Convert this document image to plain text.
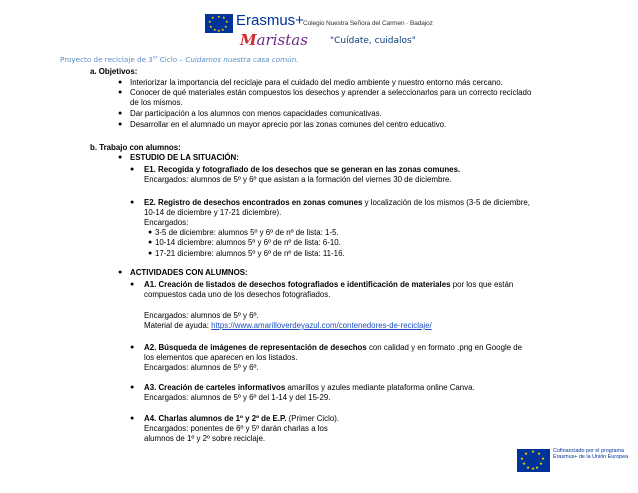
★ ★
★
★
★
★
★
★
★
★ Erasmus+ Colegio Nuestra Señora del Carmen · Badajoz
Maristas "Cuídate, cuidalos"
Proyecto de reciclaje de 3er Ciclo – Cuidamos nuestra casa común.
a. Objetivos:
● Interiorizar la importancia del reciclaje para el cuidado del medio ambiente y nuestro entorno más cercano.
● Conocer de qué materiales están compuestos los desechos y aprender a seleccionarlos para un correcto reciclado
de los mismos.
● Dar participación a los alumnos con menos capacidades comunicativas.
● Desarrollar en el alumnado un mayor aprecio por las zonas comunes del centro educativo.
b. Trabajo con alumnos:
● ESTUDIO DE LA SITUACIÓN:
● E1. Recogida y fotografiado de los desechos que se generan en las zonas comunes.
Encargados: alumnos de 5º y 6º que asistan a la formación del viernes 30 de diciembre.
● E2. Registro de desechos encontrados en zonas comunes y localización de los mismos (3-5 de diciembre,
10-14 de diciembre y 17-21 diciembre).
Encargados:
● 3-5 de diciembre: alumnos 5º y 6º de nº de lista: 1-5.
● 10-14 diciembre: alumnos 5º y 6º de nº de lista: 6-10.
● 17-21 diciembre: alumnos 5º y 6º de nº de lista: 11-16.
● ACTIVIDADES CON ALUMNOS:
● A1. Creación de listados de desechos fotografiados e identificación de materiales por los que están
compuestos cada uno de los desechos fotografiados.
Encargados: alumnos de 5º y 6º.
Material de ayuda: https://www.amarilloverdeyazul.com/contenedores-de-reciclaje/
● A2. Búsqueda de imágenes de representación de desechos con calidad y en formato .png en Google de
los elementos que aparecen en los listados.
Encargados: alumnos de 5º y 6º.
● A3. Creación de carteles informativos amarillos y azules mediante plataforma online Canva.
Encargados: alumnos de 5º y 6º del 1-14 y del 15-29.
● A4. Charlas alumnos de 1º y 2º de E.P. (Primer Ciclo).
Encargados: ponentes de 6º y 5º darán charlas a los
alumnos de 1º y 2º sobre reciclaje.
★ ★
★
★
★
★
★
★
★
★	Cofinanciado por el programa Erasmus+ de la Unión Europea
